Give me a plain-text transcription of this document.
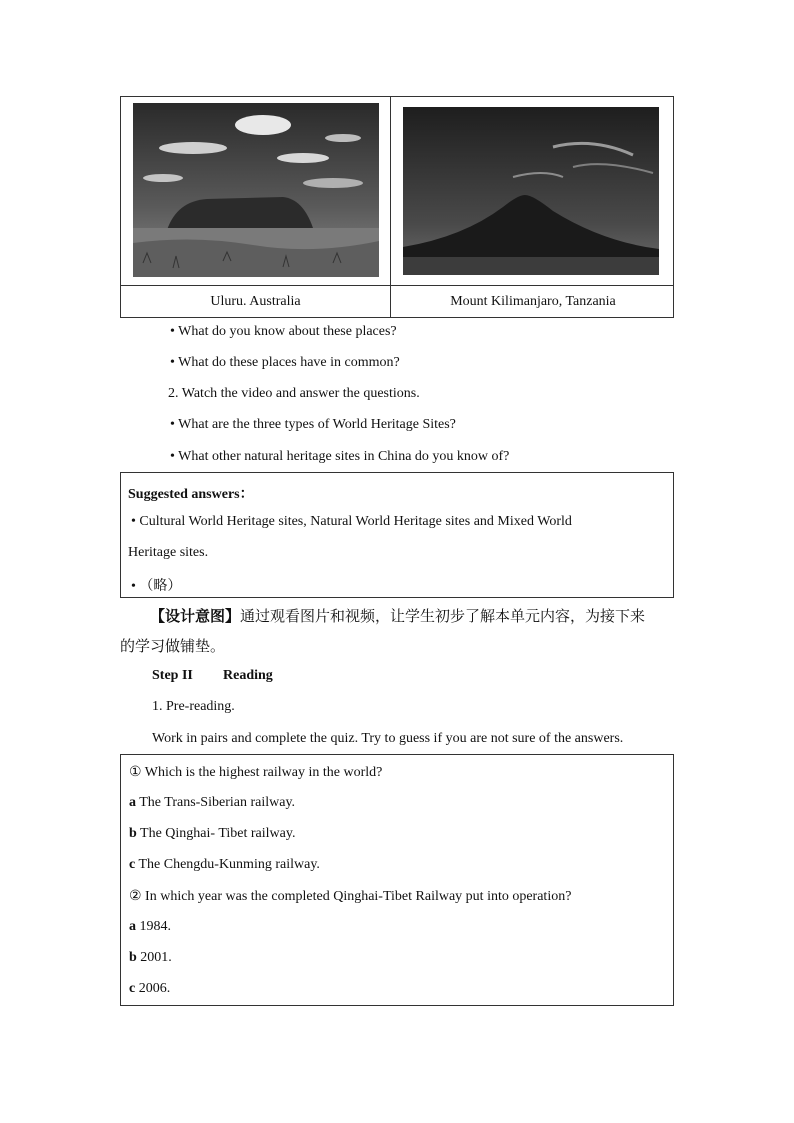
Uluru. Australia	Mount Kilimanjaro, Tanzania
• What do you know about these places?
• What do these places have in common?
2. Watch the video and answer the questions.
• What are the three types of World Heritage Sites?
• What other natural heritage sites in China do you know of?
Suggested answers：
• Cultural World Heritage sites, Natural World Heritage sites and Mixed World
Heritage sites.
• （略）
【设计意图】通过观看图片和视频，让学生初步了解本单元内容，为接下来
的学习做铺垫。
Step II Reading
1. Pre-reading.
Work in pairs and complete the quiz. Try to guess if you are not sure of the answers.
① Which is the highest railway in the world?
a The Trans-Siberian railway.
b The Qinghai- Tibet railway.
c The Chengdu-Kunming railway.
② In which year was the completed Qinghai-Tibet Railway put into operation?
a 1984.
b 2001.
c 2006.
